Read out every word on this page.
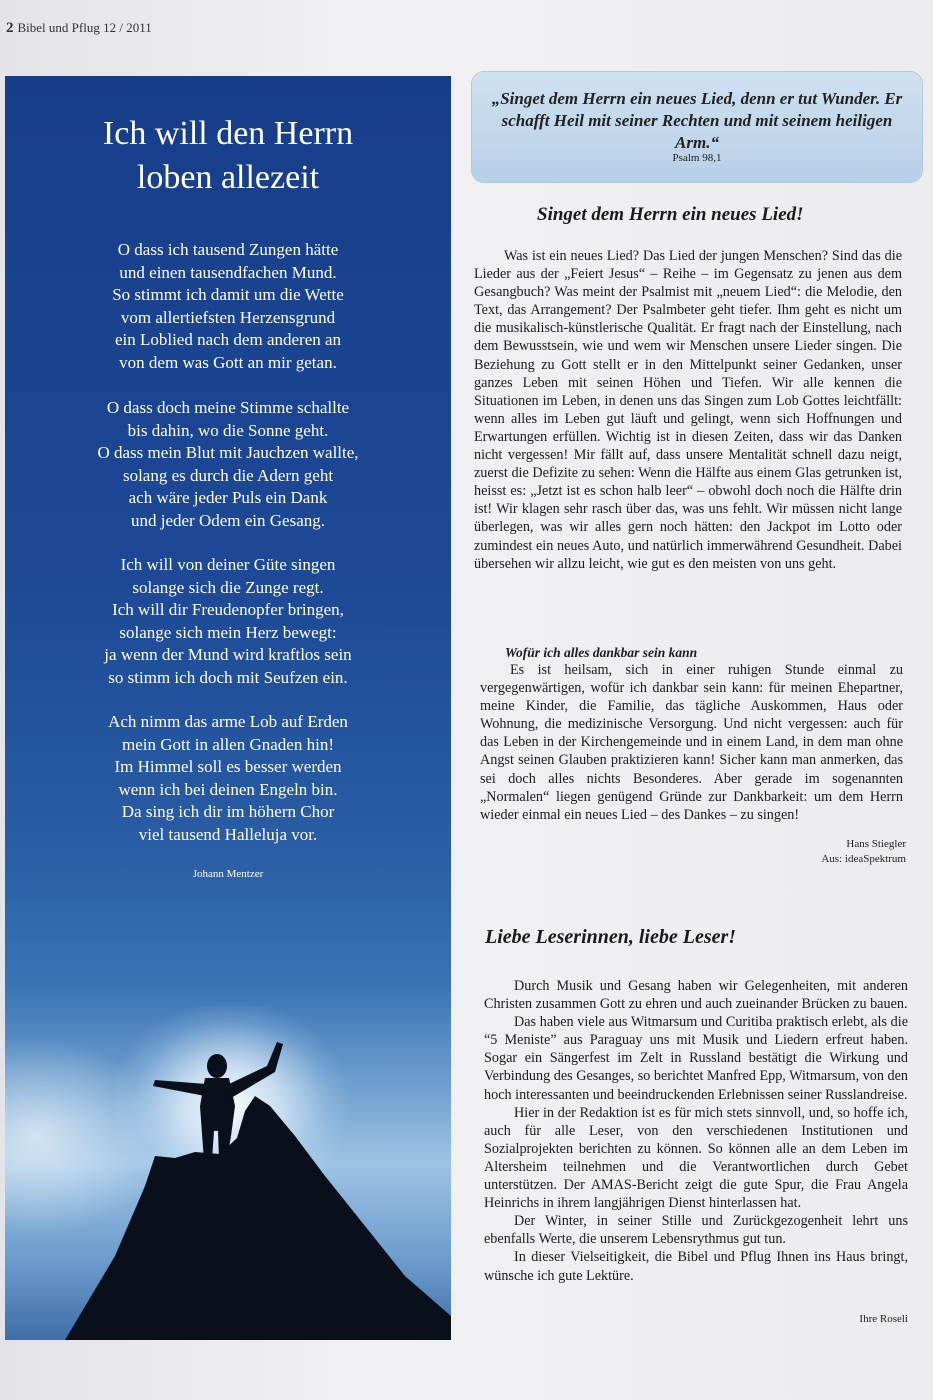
2 Bibel und Pflug 12 / 2011
Ich will den Herrn
loben allezeit
O dass ich tausend Zungen hätte
und einen tausendfachen Mund.
So stimmt ich damit um die Wette
vom allertiefsten Herzensgrund
ein Loblied nach dem anderen an
von dem was Gott an mir getan.
O dass doch meine Stimme schallte
bis dahin, wo die Sonne geht.
O dass mein Blut mit Jauchzen wallte,
solang es durch die Adern geht
ach wäre jeder Puls ein Dank
und jeder Odem ein Gesang.
Ich will von deiner Güte singen
solange sich die Zunge regt.
Ich will dir Freudenopfer bringen,
solange sich mein Herz bewegt:
ja wenn der Mund wird kraftlos sein
so stimm ich doch mit Seufzen ein.
Ach nimm das arme Lob auf Erden
mein Gott in allen Gnaden hin!
Im Himmel soll es besser werden
wenn ich bei deinen Engeln bin.
Da sing ich dir im höhern Chor
viel tausend Halleluja vor.
Johann Mentzer
„Singet dem Herrn ein neues Lied, denn er tut Wunder. Er schafft Heil mit seiner Rechten und mit seinem heiligen Arm.“
Psalm 98,1
Singet dem Herrn ein neues Lied!

Was ist ein neues Lied? Das Lied der jungen Menschen? Sind das die Lieder aus der „Feiert Jesus“ – Reihe – im Gegensatz zu jenen aus dem Gesangbuch? Was meint der Psalmist mit „neuem Lied“: die Melodie, den Text, das Arrangement? Der Psalmbeter geht tiefer. Ihm geht es nicht um die musikalisch-künstlerische Qualität. Er fragt nach der Einstellung, nach dem Bewusstsein, wie und wem wir Menschen unsere Lieder singen. Die Beziehung zu Gott stellt er in den Mittelpunkt seiner Gedanken, unser ganzes Leben mit seinen Höhen und Tiefen. Wir alle kennen die Situationen im Leben, in denen uns das Singen zum Lob Gottes leichtfällt: wenn alles im Leben gut läuft und gelingt, wenn sich Hoffnungen und Erwartungen erfüllen. Wichtig ist in diesen Zeiten, dass wir das Danken nicht vergessen! Mir fällt auf, dass unsere Mentalität schnell dazu neigt, zuerst die Defizite zu sehen: Wenn die Hälfte aus einem Glas getrunken ist, heisst es: „Jetzt ist es schon halb leer“ – obwohl doch noch die Hälfte drin ist! Wir klagen sehr rasch über das, was uns fehlt. Wir müssen nicht lange überlegen, was wir alles gern noch hätten: den Jackpot im Lotto oder zumindest ein neues Auto, und natürlich immerwährend Gesundheit. Dabei übersehen wir allzu leicht, wie gut es den meisten von uns geht.

Wofür ich alles dankbar sein kann

Es ist heilsam, sich in einer ruhigen Stunde einmal zu vergegenwärtigen, wofür ich dankbar sein kann: für meinen Ehepartner, meine Kinder, die Familie, das tägliche Auskommen, Haus oder Wohnung, die medizinische Versorgung. Und nicht vergessen: auch für das Leben in der Kirchengemeinde und in einem Land, in dem man ohne Angst seinen Glauben praktizieren kann! Sicher kann man anmerken, das sei doch alles nichts Besonderes. Aber gerade im sogenannten „Normalen“ liegen genügend Gründe zur Dankbarkeit: um dem Herrn wieder einmal ein neues Lied – des Dankes – zu singen!

Hans Stiegler
Aus: ideaSpektrum
Liebe Leserinnen, liebe Leser!

Durch Musik und Gesang haben wir Gelegenheiten, mit anderen Christen zusammen Gott zu ehren und auch zueinander Brücken zu bauen.

Das haben viele aus Witmarsum und Curitiba praktisch erlebt, als die “5 Meniste” aus Paraguay uns mit Musik und Liedern erfreut haben. Sogar ein Sängerfest im Zelt in Russland bestätigt die Wirkung und Verbindung des Gesanges, so berichtet Manfred Epp, Witmarsum, von den hoch interessanten und beeindruckenden Erlebnissen seiner Russlandreise.

Hier in der Redaktion ist es für mich stets sinnvoll, und, so hoffe ich, auch für alle Leser, von den verschiedenen Institutionen und Sozialprojekten berichten zu können. So können alle an dem Leben im Altersheim teilnehmen und die Verantwortlichen durch Gebet unterstützen. Der AMAS-Bericht zeigt die gute Spur, die Frau Angela Heinrichs in ihrem langjährigen Dienst hinterlassen hat.

Der Winter, in seiner Stille und Zurückgezogenheit lehrt uns ebenfalls Werte, die unserem Lebensrythmus gut tun.

In dieser Vielseitigkeit, die Bibel und Pflug Ihnen ins Haus bringt, wünsche ich gute Lektüre.

Ihre Roseli
